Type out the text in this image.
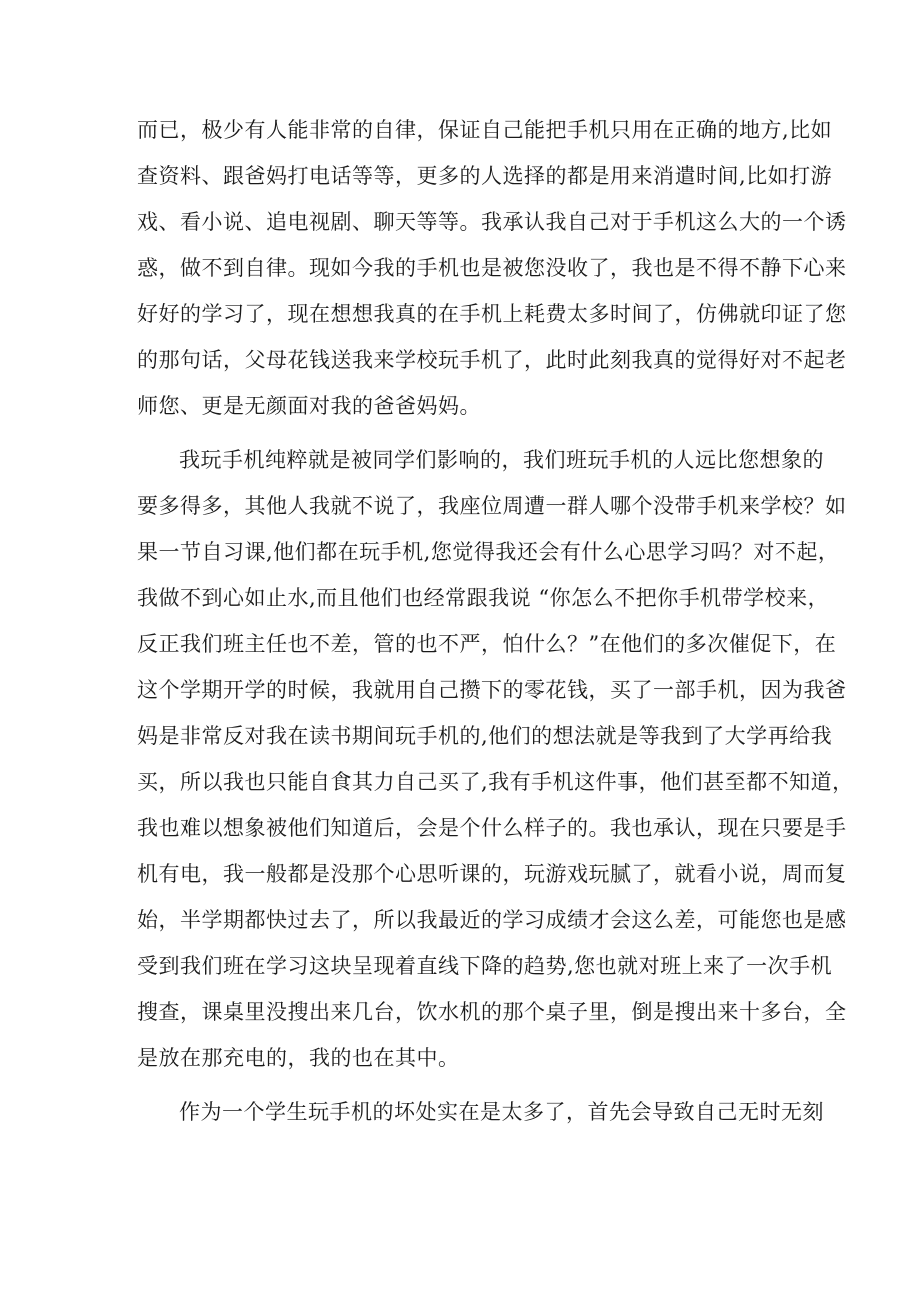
而已，极少有人能非常的自律，保证自己能把手机只用在正确的地方,比如
查资料、跟爸妈打电话等等，更多的人选择的都是用来消遣时间,比如打游
戏、看小说、追电视剧、聊天等等。我承认我自己对于手机这么大的一个诱
惑，做不到自律。现如今我的手机也是被您没收了，我也是不得不静下心来
好好的学习了，现在想想我真的在手机上耗费太多时间了，仿佛就印证了您
的那句话，父母花钱送我来学校玩手机了，此时此刻我真的觉得好对不起老
师您、更是无颜面对我的爸爸妈妈。
我玩手机纯粹就是被同学们影响的，我们班玩手机的人远比您想象的
要多得多，其他人我就不说了，我座位周遭一群人哪个没带手机来学校？如
果一节自习课,他们都在玩手机,您觉得我还会有什么心思学习吗？对不起，
我做不到心如止水,而且他们也经常跟我说 “你怎么不把你手机带学校来，
反正我们班主任也不差，管的也不严，怕什么？”在他们的多次催促下，在
这个学期开学的时候，我就用自己攒下的零花钱，买了一部手机，因为我爸
妈是非常反对我在读书期间玩手机的,他们的想法就是等我到了大学再给我
买，所以我也只能自食其力自己买了,我有手机这件事，他们甚至都不知道，
我也难以想象被他们知道后，会是个什么样子的。我也承认，现在只要是手
机有电，我一般都是没那个心思听课的，玩游戏玩腻了，就看小说，周而复
始，半学期都快过去了，所以我最近的学习成绩才会这么差，可能您也是感
受到我们班在学习这块呈现着直线下降的趋势,您也就对班上来了一次手机
搜查，课桌里没搜出来几台，饮水机的那个桌子里，倒是搜出来十多台，全
是放在那充电的，我的也在其中。
作为一个学生玩手机的坏处实在是太多了，首先会导致自己无时无刻
